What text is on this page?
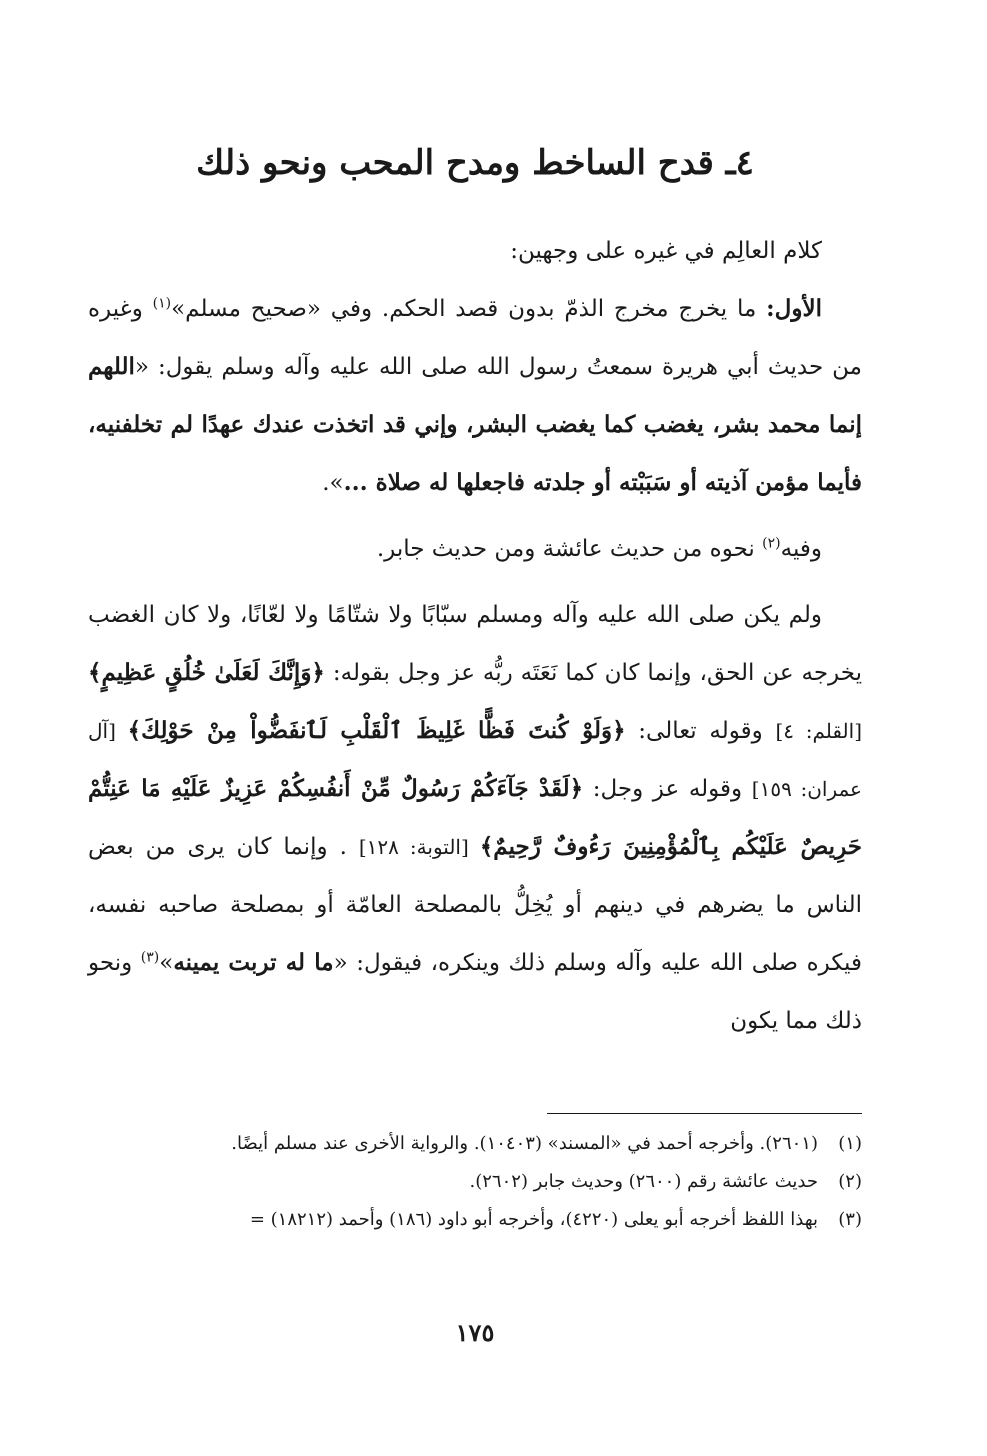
٤ـ قدح الساخط ومدح المحب ونحو ذلك

كلام العالِم في غيره على وجهين:

الأول: ما يخرج مخرج الذمّ بدون قصد الحكم. وفي «صحيح مسلم»$^{(١)}$ وغيره من حديث أبي هريرة سمعتُ رسول الله صلى الله عليه وآله وسلم يقول: «اللهم إنما محمد بشر، يغضب كما يغضب البشر، وإني قد اتخذت عندك عهدًا لم تخلفنيه، فأيما مؤمن آذيته أو سَبَبْته أو جلدته فاجعلها له صلاة ...».

وفيه$^{(٢)}$ نحوه من حديث عائشة ومن حديث جابر.

ولم يكن صلى الله عليه وآله ومسلم سبّابًا ولا شتّامًا ولا لعّانًا، ولا كان الغضب يخرجه عن الحق، وإنما كان كما نَعَتَه ربُّه عز وجل بقوله: ﴿وَإِنَّكَ لَعَلَىٰ خُلُقٍ عَظِيمٍ﴾ [القلم: ٤] وقوله تعالى: ﴿وَلَوْ كُنتَ فَظًّا غَلِيظَ ٱلْقَلْبِ لَٱنفَضُّواْ مِنْ حَوْلِكَ﴾ [آل عمران: ١٥٩] وقوله عز وجل: ﴿لَقَدْ جَآءَكُمْ رَسُولٌ مِّنْ أَنفُسِكُمْ عَزِيزٌ عَلَيْهِ مَا عَنِتُّمْ حَرِيصٌ عَلَيْكُم بِٱلْمُؤْمِنِينَ رَءُوفٌ رَّحِيمٌ﴾ [التوبة: ١٢٨] . وإنما كان يرى من بعض الناس ما يضرهم في دينهم أو يُخِلُّ بالمصلحة العامّة أو بمصلحة صاحبه نفسه، فيكره صلى الله عليه وآله وسلم ذلك وينكره، فيقول: «ما له تربت يمينه»$^{(٣)}$ ونحو ذلك مما يكون

(١)
(٢٦٠١). وأخرجه أحمد في «المسند» (١٠٤٠٣). والرواية الأخرى عند مسلم أيضًا.

(٢)
حديث عائشة رقم (٢٦٠٠) وحديث جابر (٢٦٠٢).

(٣)
بهذا اللفظ أخرجه أبو يعلى (٤٢٢٠)، وأخرجه أبو داود (١٨٦) وأحمد (١٨٢١٢) =

١٧٥
